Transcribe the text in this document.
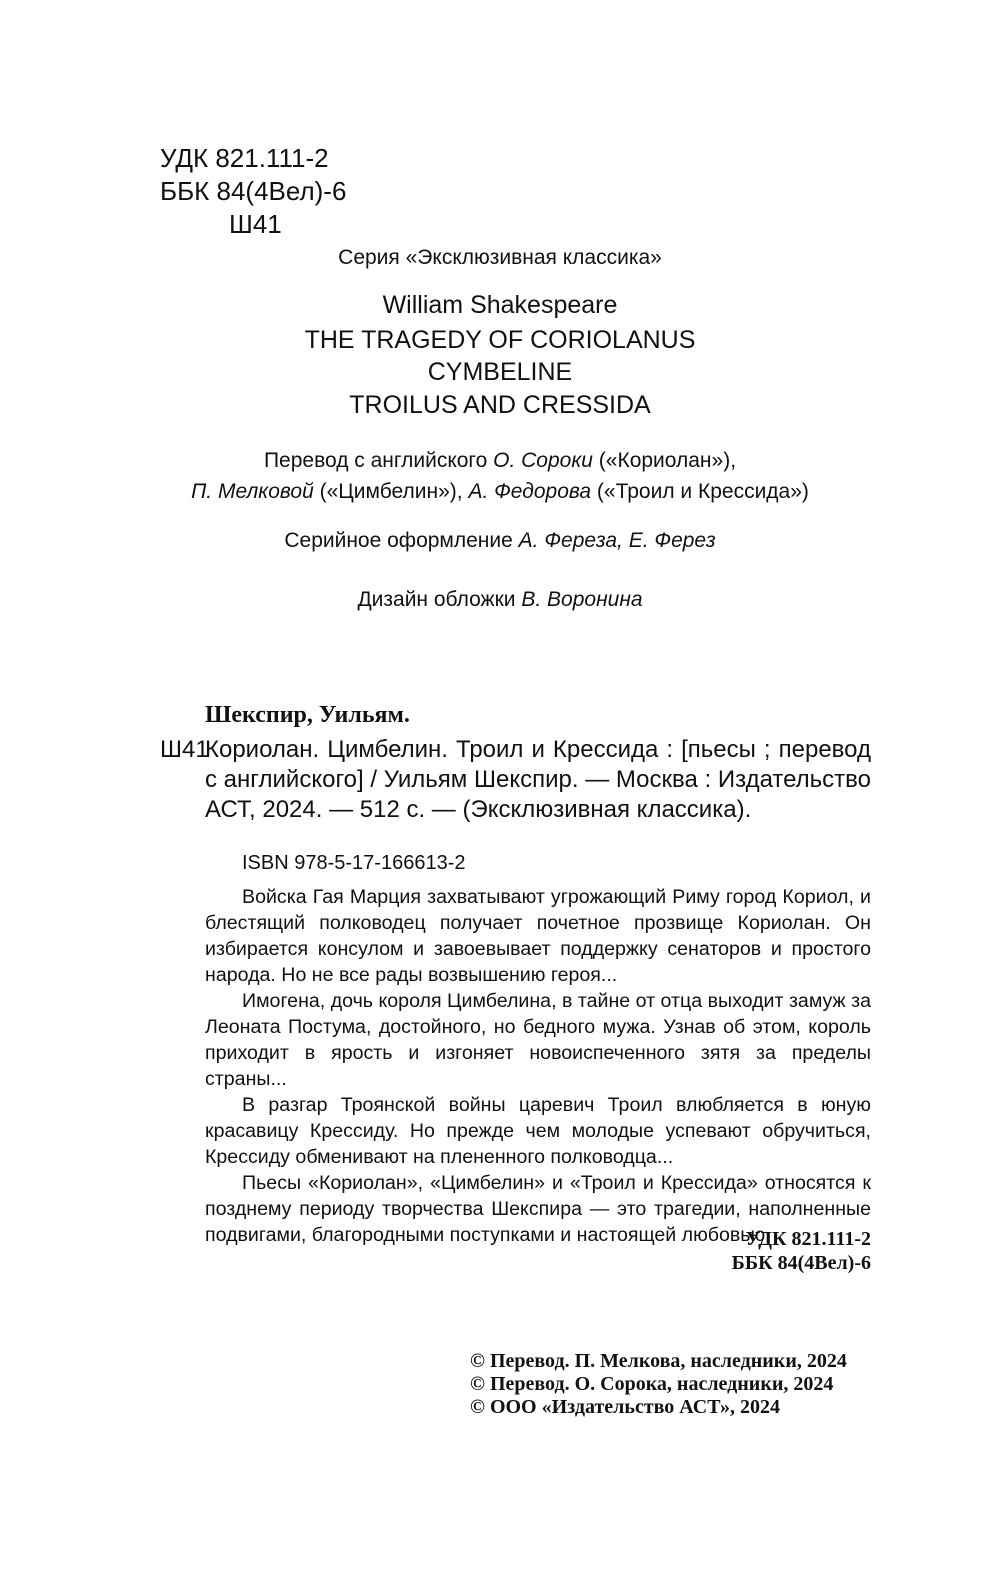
УДК 821.111-2
ББК 84(4Вел)-6
Ш41
Серия «Эксклюзивная классика»
William Shakespeare
THE TRAGEDY OF CORIOLANUS
CYMBELINE
TROILUS AND CRESSIDA
Перевод с английского О. Сороки («Кориолан»),
П. Мелковой («Цимбелин»), А. Федорова («Троил и Крессида»)
Серийное оформление А. Фереза, Е. Ферез
Дизайн обложки В. Воронина
Шекспир, Уильям.
Ш41
Кориолан. Цимбелин. Троил и Крессида : [пьесы ; перевод с английского] / Уильям Шекспир. — Москва : Издательство АСТ, 2024. — 512 с. — (Эксклюзивная классика).
ISBN 978-5-17-166613-2

Войска Гая Марция захватывают угрожающий Риму город Кориол, и блестящий полководец получает почетное прозвище Кориолан. Он избирается консулом и завоевывает поддержку сенаторов и простого народа. Но не все рады возвышению героя...

Имогена, дочь короля Цимбелина, в тайне от отца выходит замуж за Леоната Постума, достойного, но бедного мужа. Узнав об этом, король приходит в ярость и изгоняет новоиспеченного зятя за пределы страны...

В разгар Троянской войны царевич Троил влюбляется в юную красавицу Крессиду. Но прежде чем молодые успевают обручиться, Крессиду обменивают на плененного полководца...

Пьесы «Кориолан», «Цимбелин» и «Троил и Крессида» относятся к позднему периоду творчества Шекспира — это трагедии, наполненные подвигами, благородными поступками и настоящей любовью.

УДК 821.111-2
ББК 84(4Вел)-6
© Перевод. П. Мелкова, наследники, 2024
© Перевод. О. Сорока, наследники, 2024
© ООО «Издательство АСТ», 2024
